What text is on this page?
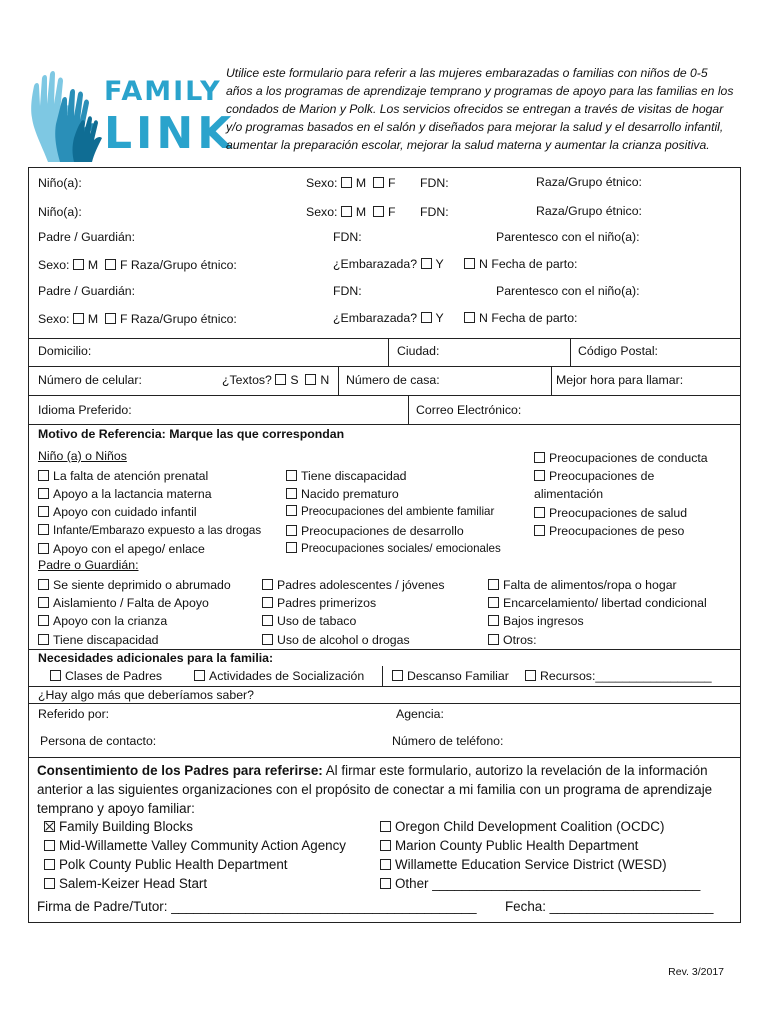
FAMILY
LINK
Utilice este formulario para referir a las mujeres embarazadas o familias con niños de 0-5 años a los programas de aprendizaje temprano y programas de apoyo para las familias en los condados de Marion y Polk. Los servicios ofrecidos se entregan a través de visitas de hogar y/o programas basados en el salón y diseñados para mejorar la salud y el desarrollo infantil, aumentar la preparación escolar, mejorar la salud materna y aumentar la crianza positiva.
Niño(a):	Sexo: M F FDN:	Raza/Grupo étnico:
Niño(a):	Sexo: M F FDN:	Raza/Grupo étnico:
Padre / Guardián:	FDN:	Parentesco con el niño(a):
Sexo: M F Raza/Grupo étnico:	¿Embarazada? Y	N Fecha de parto:
Padre / Guardián:	FDN:	Parentesco con el niño(a):
Sexo: M F Raza/Grupo étnico:	¿Embarazada? Y	N Fecha de parto:
Domicilio:	Ciudad:	Código Postal:
Número de celular:	¿Textos? S N Número de casa:	Mejor hora para llamar:
Idioma Preferido:	Correo Electrónico:
Motivo de Referencia: Marque las que correspondan
Niño (a) o Niños
La falta de atención prenatal
Apoyo a la lactancia materna
Apoyo con cuidado infantil
Infante/Embarazo expuesto a las drogas
Apoyo con el apego/ enlace
Tiene discapacidad
Nacido prematuro
Preocupaciones del ambiente familiar
Preocupaciones de desarrollo
Preocupaciones sociales/ emocionales
Preocupaciones de conducta
Preocupaciones de
alimentación
Preocupaciones de salud
Preocupaciones de peso
Padre o Guardián:
Se siente deprimido o abrumado
Aislamiento / Falta de Apoyo
Apoyo con la crianza
Tiene discapacidad
Padres adolescentes / jóvenes
Padres primerizos
Uso de tabaco
Uso de alcohol o drogas
Falta de alimentos/ropa o hogar
Encarcelamiento/ libertad condicional
Bajos ingresos
Otros:
Necesidades adicionales para la familia:
Clases de Padres	Actividades de Socialización	Descanso Familiar	Recursos:_________________
¿Hay algo más que deberíamos saber?
Referido por:	Agencia:
Persona de contacto:	Número de teléfono:
Consentimiento de los Padres para referirse: Al firmar este formulario, autorizo la revelación de la información anterior a las siguientes organizaciones con el propósito de conectar a mi familia con un programa de aprendizaje temprano y apoyo familiar:
Family Building Blocks
Mid-Willamette Valley Community Action Agency
Polk County Public Health Department
Salem-Keizer Head Start
Oregon Child Development Coalition (OCDC)
Marion County Public Health Department
Willamette Education Service District (WESD)
Other ____________________________________
Firma de Padre/Tutor: _________________________________________ Fecha: ______________________
Rev. 3/2017
